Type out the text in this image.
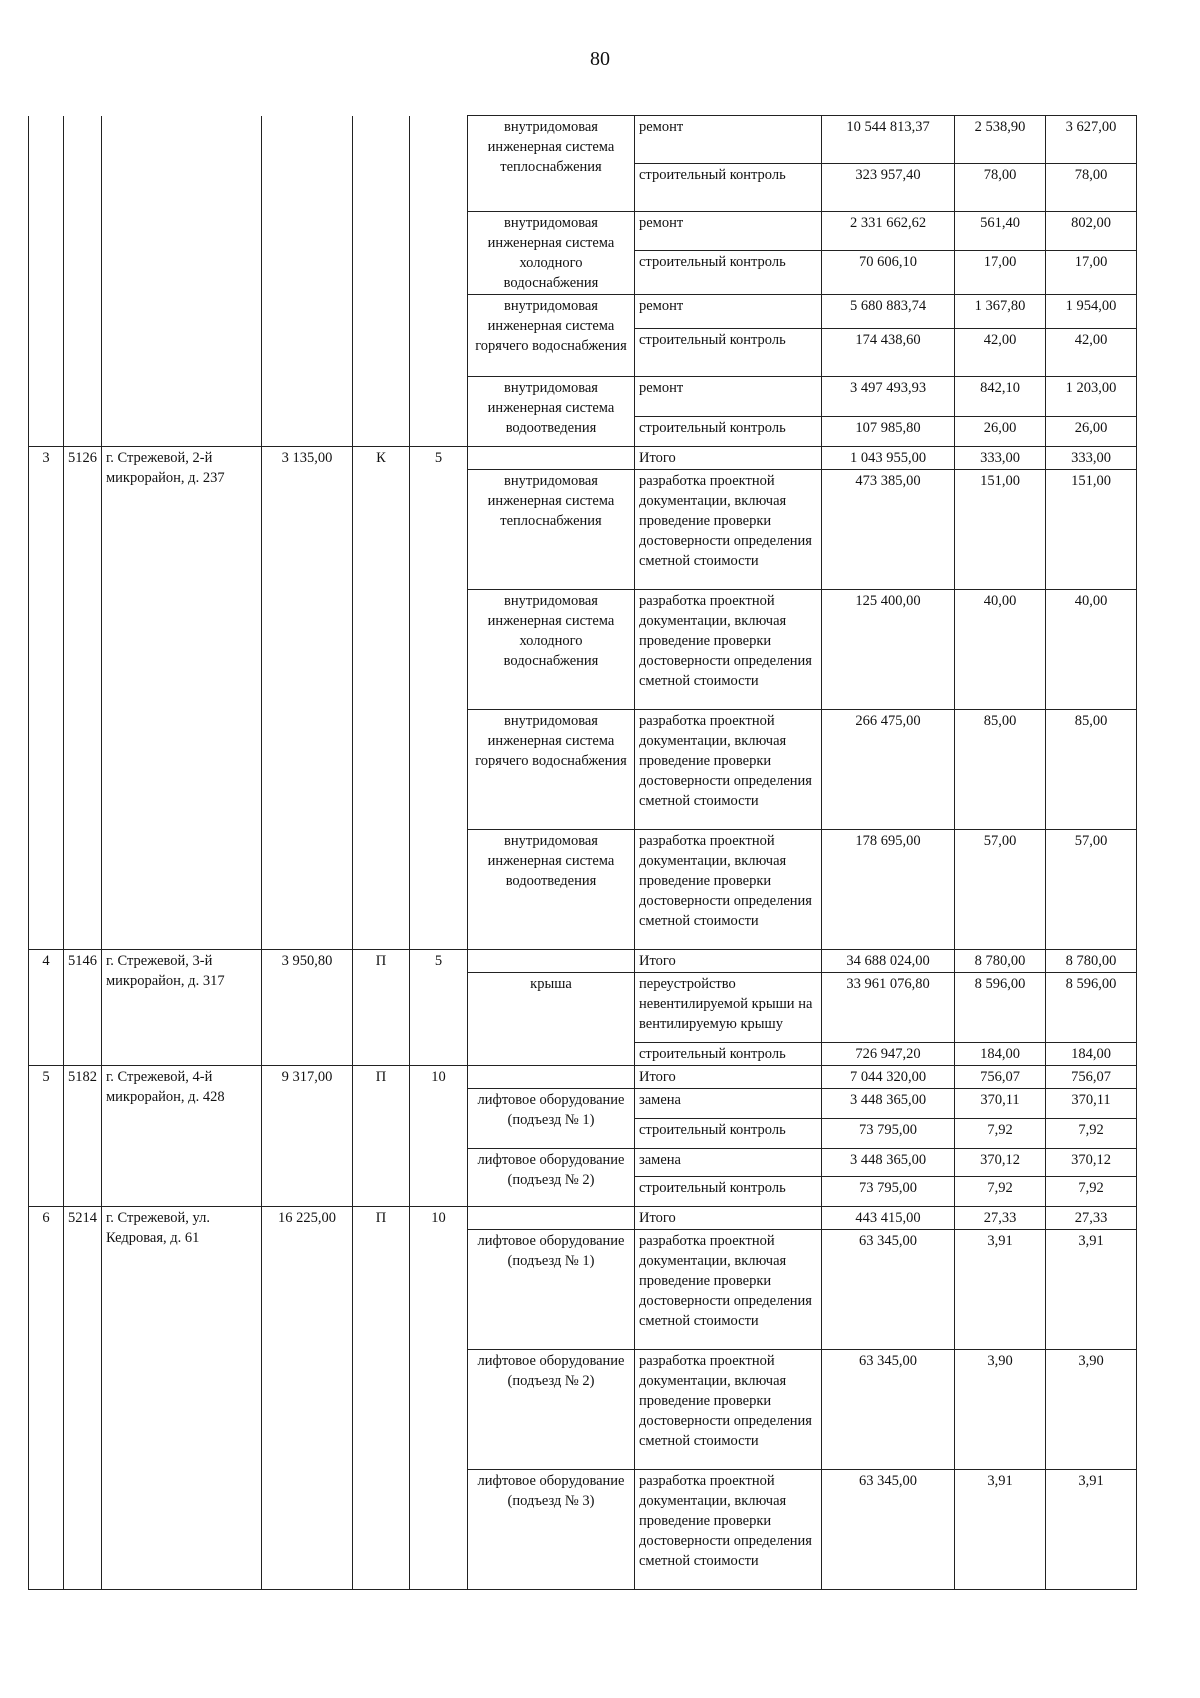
80
						внутридомовая инженерная система теплоснабжения	ремонт	10 544 813,37	2 538,90	3 627,00
							строительный контроль	323 957,40	78,00	78,00
						внутридомовая инженерная система холодного водоснабжения	ремонт	2 331 662,62	561,40	802,00
							строительный контроль	70 606,10	17,00	17,00
						внутридомовая инженерная система горячего водоснабжения	ремонт	5 680 883,74	1 367,80	1 954,00
							строительный контроль	174 438,60	42,00	42,00
						внутридомовая инженерная система водоотведения	ремонт	3 497 493,93	842,10	1 203,00
							строительный контроль	107 985,80	26,00	26,00
3	5126	г. Стрежевой, 2-й микрорайон, д. 237	3 135,00	К	5		Итого	1 043 955,00	333,00	333,00
						внутридомовая инженерная система теплоснабжения	разработка проектной документации, включая проведение проверки достоверности определения сметной стоимости	473 385,00	151,00	151,00
						внутридомовая инженерная система холодного водоснабжения	разработка проектной документации, включая проведение проверки достоверности определения сметной стоимости	125 400,00	40,00	40,00
						внутридомовая инженерная система горячего водоснабжения	разработка проектной документации, включая проведение проверки достоверности определения сметной стоимости	266 475,00	85,00	85,00
						внутридомовая инженерная система водоотведения	разработка проектной документации, включая проведение проверки достоверности определения сметной стоимости	178 695,00	57,00	57,00
4	5146	г. Стрежевой, 3-й микрорайон, д. 317	3 950,80	П	5		Итого	34 688 024,00	8 780,00	8 780,00
						крыша	переустройство невентилируемой крыши на вентилируемую крышу	33 961 076,80	8 596,00	8 596,00
							строительный контроль	726 947,20	184,00	184,00
5	5182	г. Стрежевой, 4-й микрорайон, д. 428	9 317,00	П	10		Итого	7 044 320,00	756,07	756,07
						лифтовое оборудование (подъезд № 1)	замена	3 448 365,00	370,11	370,11
							строительный контроль	73 795,00	7,92	7,92
						лифтовое оборудование (подъезд № 2)	замена	3 448 365,00	370,12	370,12
							строительный контроль	73 795,00	7,92	7,92
6	5214	г. Стрежевой, ул. Кедровая, д. 61	16 225,00	П	10		Итого	443 415,00	27,33	27,33
						лифтовое оборудование (подъезд № 1)	разработка проектной документации, включая проведение проверки достоверности определения сметной стоимости	63 345,00	3,91	3,91
						лифтовое оборудование (подъезд № 2)	разработка проектной документации, включая проведение проверки достоверности определения сметной стоимости	63 345,00	3,90	3,90
						лифтовое оборудование (подъезд № 3)	разработка проектной документации, включая проведение проверки достоверности определения сметной стоимости	63 345,00	3,91	3,91
